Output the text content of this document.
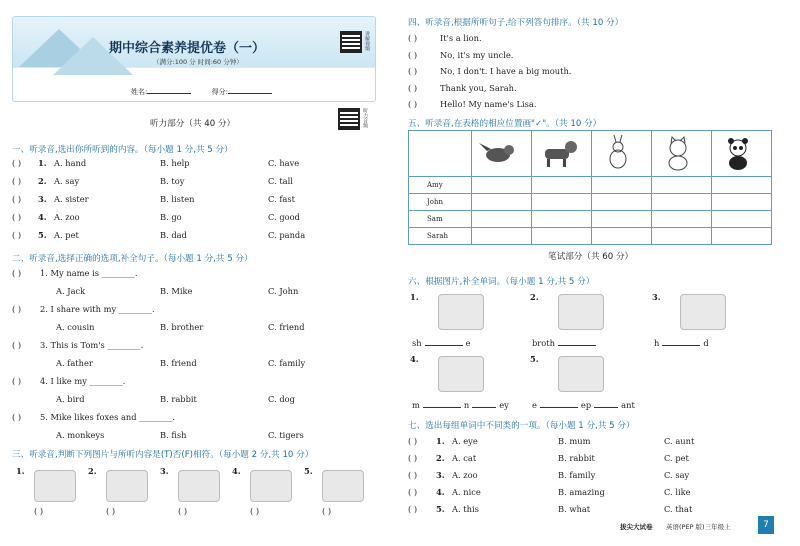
期中综合素养提优卷（一）
（满分:100 分 时间:60 分钟）
讲解视频
姓名:	得分:
听力部分（共 40 分）	听力音频
一、听录音,选出你所听到的内容。（每小题 1 分,共 5 分）
( ) 1. A. hand	B. help	C. have
( ) 2. A. say	B. toy	C. tall
( ) 3. A. sister	B. listen	C. fast
( ) 4. A. zoo	B. go	C. good
( ) 5. A. pet	B. dad	C. panda
二、听录音,选择正确的选项,补全句子。（每小题 1 分,共 5 分）
( ) 1. My name is ________.
A. Jack	B. Mike	C. John
( ) 2. I share with my ________.
A. cousin	B. brother	C. friend
( ) 3. This is Tom's ________.
A. father	B. friend	C. family
( ) 4. I like my ________.
A. bird	B. rabbit	C. dog
( ) 5. Mike likes foxes and ________.
A. monkeys	B. fish	C. tigers
三、听录音,判断下列图片与所听内容是(T)否(F)相符。（每小题 2 分,共 10 分）
1.
( )
2.
( )
3.
( )
4.
( )
5.
( )
四、听录音,根据所听句子,给下列答句排序。（共 10 分）
( )	It's a lion.
( )	No, it's my uncle.
( )	No, I don't. I have a big mouth.
( )	Thank you, Sarah.
( )	Hello! My name's Lisa.
五、听录音,在表格的相应位置画"✓"。（共 10 分）

Amy					
John					
Sam					
Sarah					
笔试部分（共 60 分）
六、根据图片,补全单词。（每小题 1 分,共 5 分）
1.
sh	e
2.
broth
3.
h	d
4.
m	n	ey
5.
e	ep	ant
七、选出每组单词中不同类的一项。（每小题 1 分,共 5 分）
( ) 1. A. eye	B. mum	C. aunt
( ) 2. A. cat	B. rabbit	C. pet
( ) 3. A. zoo	B. family	C. say
( ) 4. A. nice	B. amazing	C. like
( ) 5. A. this	B. what	C. that
拔尖大试卷 英语(PEP 版)三年级上	7
